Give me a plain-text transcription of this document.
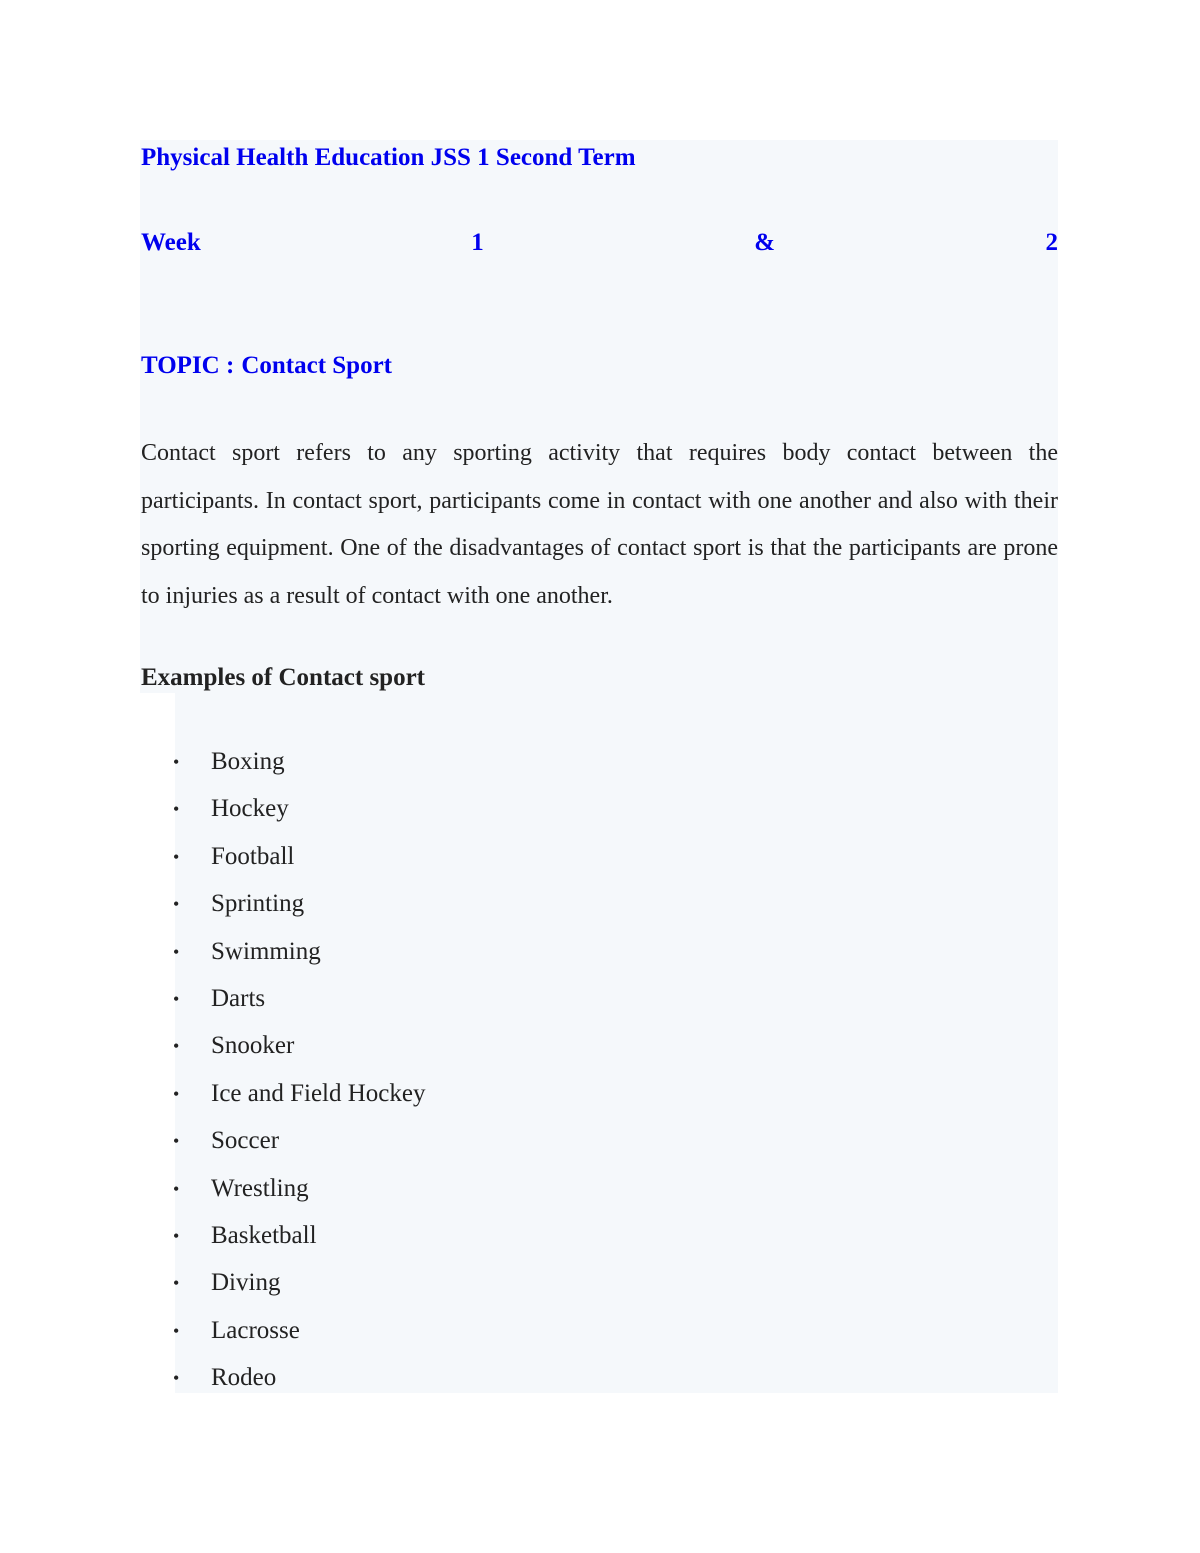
Physical Health Education JSS 1 Second Term
Week	1	&	2
TOPIC : Contact Sport

Contact sport refers to any sporting activity that requires body contact between the participants. In contact sport, participants come in contact with one another and also with their sporting equipment. One of the disadvantages of contact sport is that the participants are prone to injuries as a result of contact with one another.

Examples of Contact sport
•	Boxing
•	Hockey
•	Football
•	Sprinting
•	Swimming
•	Darts
•	Snooker
•	Ice and Field Hockey
•	Soccer
•	Wrestling
•	Basketball
•	Diving
•	Lacrosse
•	Rodeo
